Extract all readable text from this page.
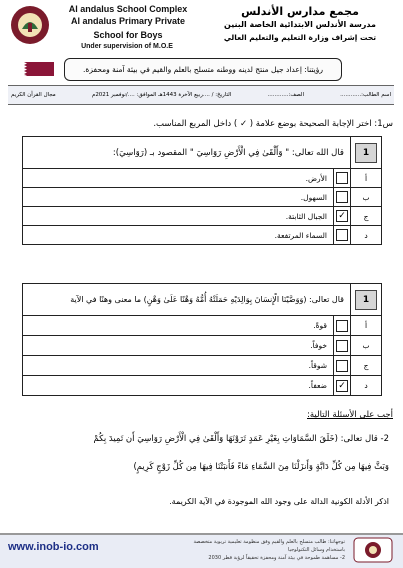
Al andalus School Complex
Al andalus Primary Private
School for Boys
Under supervision of M.O.E
مجمع مدارس الأندلس
مدرسة الأندلس الابتدائية الخاصة البنين
تحت إشراف وزارة التعليم والتعليم العالي
رؤيتنا: إعداد جيل منتج لدينه ووطنه متسلح بالعلم والقيم في بيئة آمنة ومحفزة.
اسم الطالب:............
الصف:............
التاريخ: / ....ربيع الآخرة 1443هـ الموافق: ..../نوفمبر 2021م
مجال القرآن الكريم
س1: اختر الإجابة الصحيحة بوضع علامة ( ✓ ) داخل المربع المناسب.
1	قال الله تعالى: " وَأَلْقَىٰ فِي الْأَرْضِ رَوَاسِيَ " المقصود بـ (رَوَاسِيَ):	
أ		الأرض.
ب		السهول.
ج	✓	الجبال الثابتة.
د		السماء المرتفعة.
1	قال تعالى: (وَوَصَّيْنَا الْإِنسَانَ بِوَالِدَيْهِ حَمَلَتْهُ أُمُّهُ وَهْنًا عَلَىٰ وَهْنٍ) ما معنى وهنًا في الآية	
أ		قوةً.
ب		خوفاً.
ج		شوقاً.
د	✓	ضعفاً.
أجب على الأسئلة التالية:
2- قال تعالى: (خَلَقَ السَّمَاوَاتِ بِغَيْرِ عَمَدٍ تَرَوْنَهَا وَأَلْقَىٰ فِي الْأَرْضِ رَوَاسِيَ أَن تَمِيدَ بِكُمْ
وَبَثَّ فِيهَا مِن كُلِّ دَابَّةٍ وَأَنزَلْنَا مِنَ السَّمَاءِ مَاءً فَأَنبَتْنَا فِيهَا مِن كُلِّ زَوْجٍ كَرِيمٍ)
اذكر الأدلة الكونية الدالة على وجود الله الموجودة في الآية الكريمة.
www.inob-io.com	توجهاتنا: طالب متسلح بالعلم والقيم وفق منظومة تعليمية تربوية متخصصة باستخدام وسائل التكنولوجيا
2- مساهمة طموحة في بيئة آمنة ومحفزة تحقيقاً لرؤية قطر 2030
